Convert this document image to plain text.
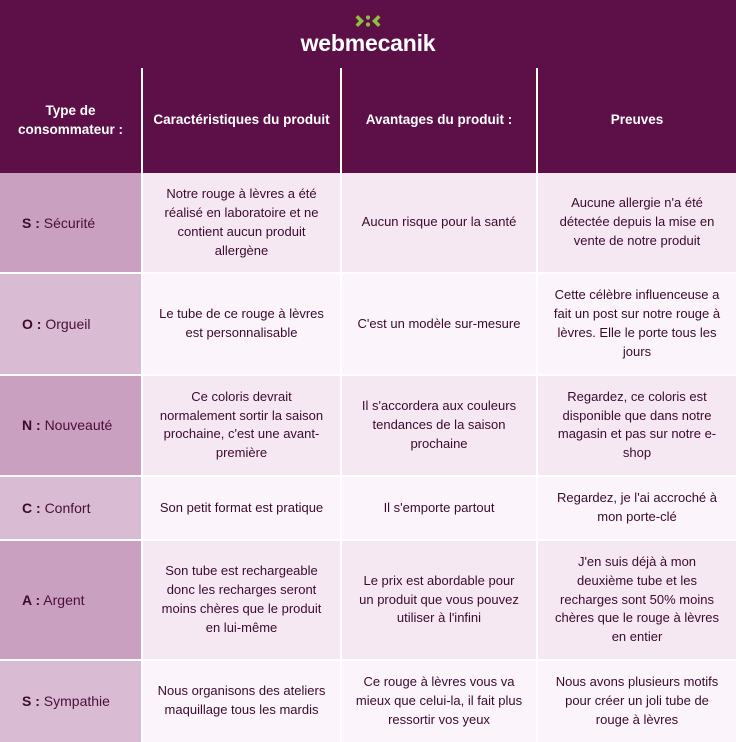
webmecanik
Type de consommateur :	Caractéristiques du produit	Avantages du produit :	Preuves
S : Sécurité	Notre rouge à lèvres a été réalisé en laboratoire et ne contient aucun produit allergène	Aucun risque pour la santé	Aucune allergie n'a été détectée depuis la mise en vente de notre produit
O : Orgueil	Le tube de ce rouge à lèvres est personnalisable	C'est un modèle sur-mesure	Cette célèbre influenceuse a fait un post sur notre rouge à lèvres. Elle le porte tous les jours
N : Nouveauté	Ce coloris devrait normalement sortir la saison prochaine, c'est une avant-première	Il s'accordera aux couleurs tendances de la saison prochaine	Regardez, ce coloris est disponible que dans notre magasin et pas sur notre e-shop
C : Confort	Son petit format est pratique	Il s'emporte partout	Regardez, je l'ai accroché à mon porte-clé
A : Argent	Son tube est rechargeable donc les recharges seront moins chères que le produit en lui-même	Le prix est abordable pour un produit que vous pouvez utiliser à l'infini	J'en suis déjà à mon deuxième tube et les recharges sont 50% moins chères que le rouge à lèvres en entier
S : Sympathie	Nous organisons des ateliers maquillage tous les mardis	Ce rouge à lèvres vous va mieux que celui-la, il fait plus ressortir vos yeux	Nous avons plusieurs motifs pour créer un joli tube de rouge à lèvres
